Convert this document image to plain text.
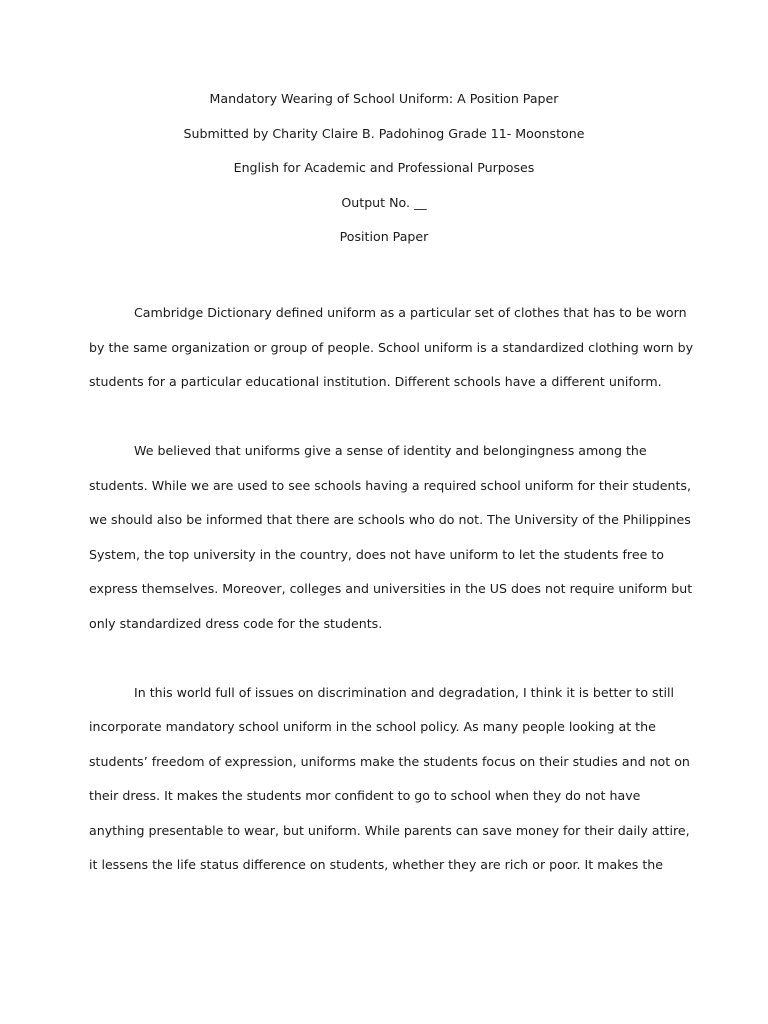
Mandatory Wearing of School Uniform: A Position Paper
Submitted by Charity Claire B. Padohinog Grade 11- Moonstone
English for Academic and Professional Purposes
Output No. __
Position Paper
Cambridge Dictionary defined uniform as a particular set of clothes that has to be worn
by the same organization or group of people. School uniform is a standardized clothing worn by
students for a particular educational institution. Different schools have a different uniform.
We believed that uniforms give a sense of identity and belongingness among the
students. While we are used to see schools having a required school uniform for their students,
we should also be informed that there are schools who do not. The University of the Philippines
System, the top university in the country, does not have uniform to let the students free to
express themselves. Moreover, colleges and universities in the US does not require uniform but
only standardized dress code for the students.
In this world full of issues on discrimination and degradation, I think it is better to still
incorporate mandatory school uniform in the school policy. As many people looking at the
students’ freedom of expression, uniforms make the students focus on their studies and not on
their dress. It makes the students mor confident to go to school when they do not have
anything presentable to wear, but uniform. While parents can save money for their daily attire,
it lessens the life status difference on students, whether they are rich or poor. It makes the
